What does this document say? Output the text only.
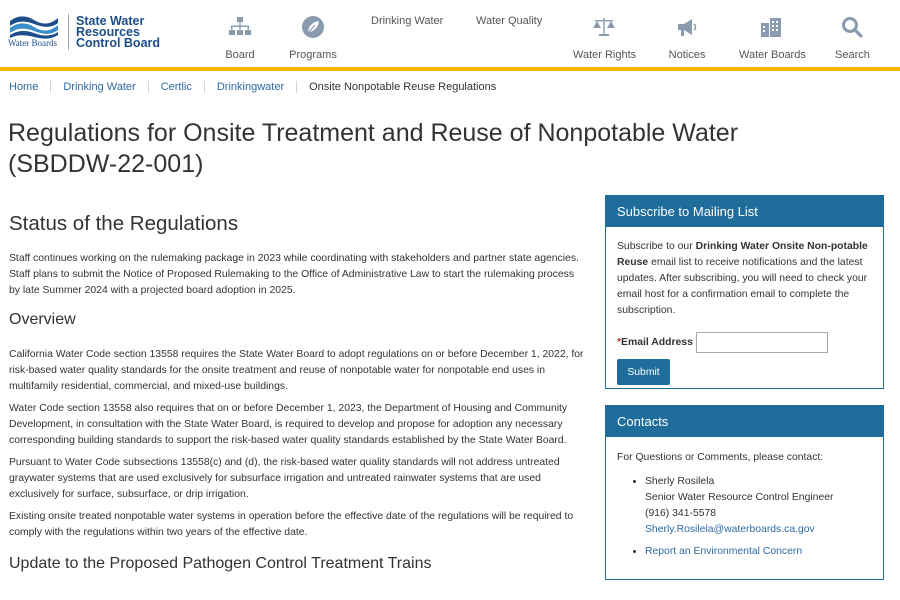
Water Boards
State Water
Resources
Control Board
Board	Programs
Drinking Water	Water Quality
Water Rights	Notices	Water Boards	Search
Home Drinking Water Certlic Drinkingwater Onsite Nonpotable Reuse Regulations
Regulations for Onsite Treatment and Reuse of Nonpotable Water
(SBDDW-22-001)
Status of the Regulations

Staff continues working on the rulemaking package in 2023 while coordinating with stakeholders and partner state agencies. Staff plans to submit the Notice of Proposed Rulemaking to the Office of Administrative Law to start the rulemaking process by late Summer 2024 with a projected board adoption in 2025.

Overview

California Water Code section 13558 requires the State Water Board to adopt regulations on or before December 1, 2022, for risk-based water quality standards for the onsite treatment and reuse of nonpotable water for nonpotable end uses in multifamily residential, commercial, and mixed-use buildings.

Water Code section 13558 also requires that on or before December 1, 2023, the Department of Housing and Community Development, in consultation with the State Water Board, is required to develop and propose for adoption any necessary corresponding building standards to support the risk-based water quality standards established by the State Water Board.

Pursuant to Water Code subsections 13558(c) and (d), the risk-based water quality standards will not address untreated graywater systems that are used exclusively for subsurface irrigation and untreated rainwater systems that are used exclusively for surface, subsurface, or drip irrigation.

Existing onsite treated nonpotable water systems in operation before the effective date of the regulations will be required to comply with the regulations within two years of the effective date.

Update to the Proposed Pathogen Control Treatment Trains
Subscribe to Mailing List
Subscribe to our Drinking Water Onsite Non-potable Reuse email list to receive notifications and the latest updates. After subscribing, you will need to check your email host for a confirmation email to complete the subscription.
* Email Address
Submit
Contacts
For Questions or Comments, please contact:
• Sherly Rosilela
Senior Water Resource Control Engineer
(916) 341-5578
Sherly.Rosilela@waterboards.ca.gov
• Report an Environmental Concern
